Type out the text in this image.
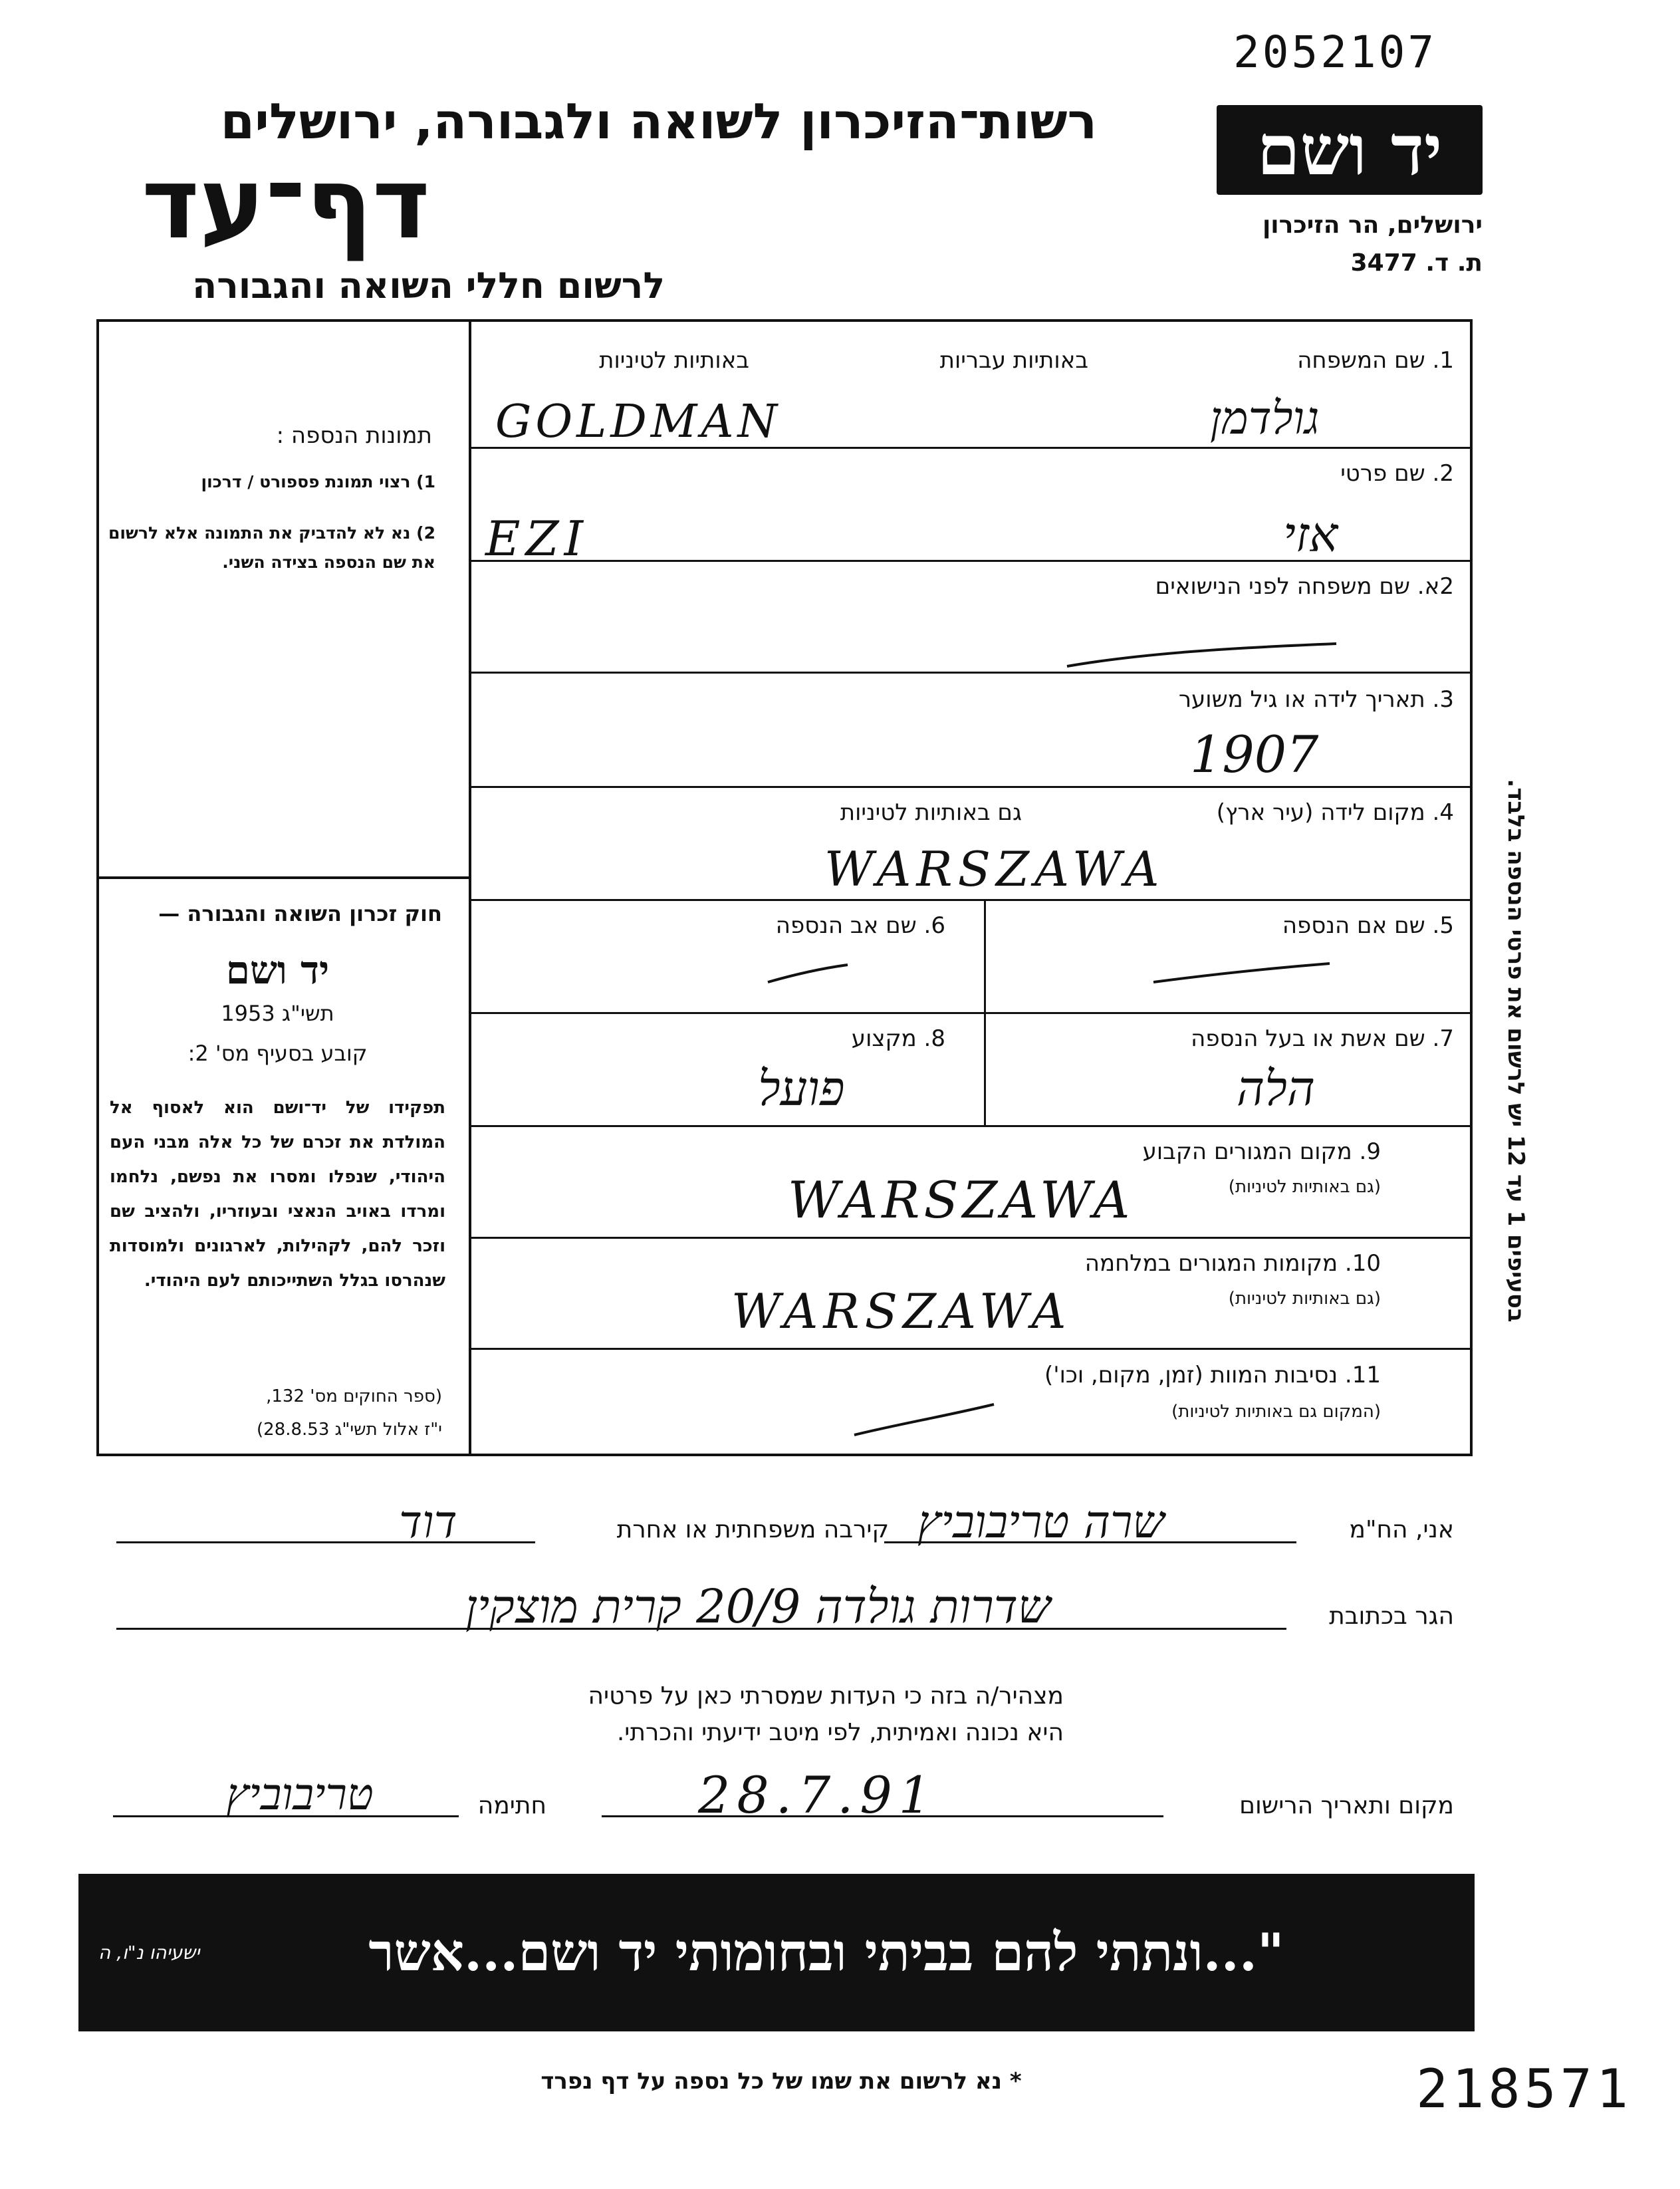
2052107
רשות־הזיכרון לשואה ולגבורה, ירושלים
דף־עד
לרשום חללי השואה והגבורה
יד ושם
ירושלים, הר הזיכרון
ת. ד. 3477
תמונות הנספה :
1) רצוי תמונת פספורט / דרכון
2) נא לא להדביק את התמונה אלא לרשום את שם הנספה בצידה השני.
חוק זכרון השואה והגבורה —
יד ושם
תשי"ג 1953
קובע בסעיף מס' 2:
תפקידו של יד־ושם הוא לאסוף אל המולדת את זכרם של כל אלה מבני העם היהודי, שנפלו ומסרו את נפשם, נלחמו ומרדו באויב הנאצי ובעוזריו, ולהציב שם וזכר להם, לקהילות, לארגונים ולמוסדות שנהרסו בגלל השתייכותם לעם היהודי.
(ספר החוקים מס' 132,
י"ז אלול תשי"ג 28.8.53)
1. שם המשפחה
באותיות עבריות
באותיות לטיניות
גולדמן
GOLDMAN
2. שם פרטי
אזי
EZI
2א. שם משפחה לפני הנישואים
3. תאריך לידה או גיל משוער
1907
4. מקום לידה (עיר ארץ)
גם באותיות לטיניות
WARSZAWA
5. שם אם הנספה
6. שם אב הנספה
7. שם אשת או בעל הנספה
8. מקצוע
הלה
פועל
9. מקום המגורים הקבוע
(גם באותיות לטיניות)
WARSZAWA
10. מקומות המגורים במלחמה
(גם באותיות לטיניות)
WARSZAWA
11. נסיבות המוות (זמן, מקום, וכו')
(המקום גם באותיות לטיניות)
בסעיפים 1 עד 12 יש לרשום את פרטי הנספה בלבד.
אני, הח"מ
שרה טריבוביץ
קירבה משפחתית או אחרת
דוד
הגר בכתובת
שדרות גולדה 20/9 קרית מוצקין
מצהיר/ה בזה כי העדות שמסרתי כאן על פרטיה
היא נכונה ואמיתית, לפי מיטב ידיעתי והכרתי.
מקום ותאריך הרישום
28.7.91
חתימה
טריבוביץ
"...ונתתי להם בביתי ובחומותי יד ושם...אשר לא יכרת"
ישעיהו נ"ו, ה
* נא לרשום את שמו של כל נספה על דף נפרד	218571
